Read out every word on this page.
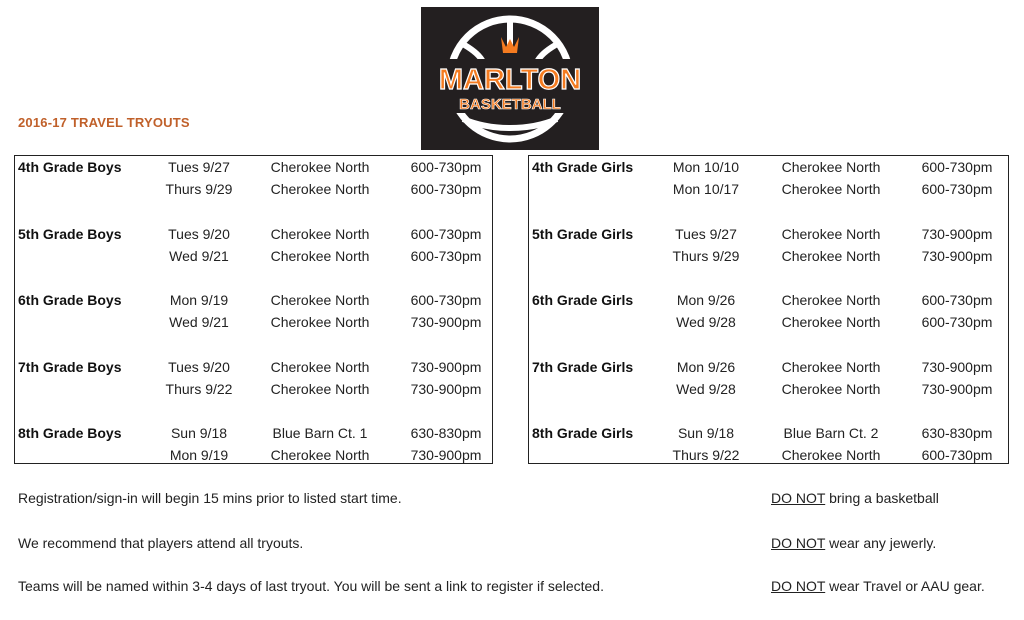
MARLTON
BASKETBALL
2016-17 TRAVEL TRYOUTS
4th Grade Boys	Tues 9/27	Cherokee North	600-730pm
Thurs 9/29	Cherokee North	600-730pm
5th Grade Boys	Tues 9/20	Cherokee North	600-730pm
Wed 9/21	Cherokee North	600-730pm
6th Grade Boys	Mon 9/19	Cherokee North	600-730pm
Wed 9/21	Cherokee North	730-900pm
7th Grade Boys	Tues 9/20	Cherokee North	730-900pm
Thurs 9/22	Cherokee North	730-900pm
8th Grade Boys	Sun 9/18	Blue Barn Ct. 1	630-830pm
Mon 9/19	Cherokee North	730-900pm
4th Grade Girls	Mon 10/10	Cherokee North	600-730pm
Mon 10/17	Cherokee North	600-730pm
5th Grade Girls	Tues 9/27	Cherokee North	730-900pm
Thurs 9/29	Cherokee North	730-900pm
6th Grade Girls	Mon 9/26	Cherokee North	600-730pm
Wed 9/28	Cherokee North	600-730pm
7th Grade Girls	Mon 9/26	Cherokee North	730-900pm
Wed 9/28	Cherokee North	730-900pm
8th Grade Girls	Sun 9/18	Blue Barn Ct. 2	630-830pm
Thurs 9/22	Cherokee North	600-730pm
Registration/sign-in will begin 15 mins prior to listed start time.
We recommend that players attend all tryouts.
Teams will be named within 3-4 days of last tryout. You will be sent a link to register if selected.
DO NOT bring a basketball
DO NOT wear any jewerly.
DO NOT wear Travel or AAU gear.
